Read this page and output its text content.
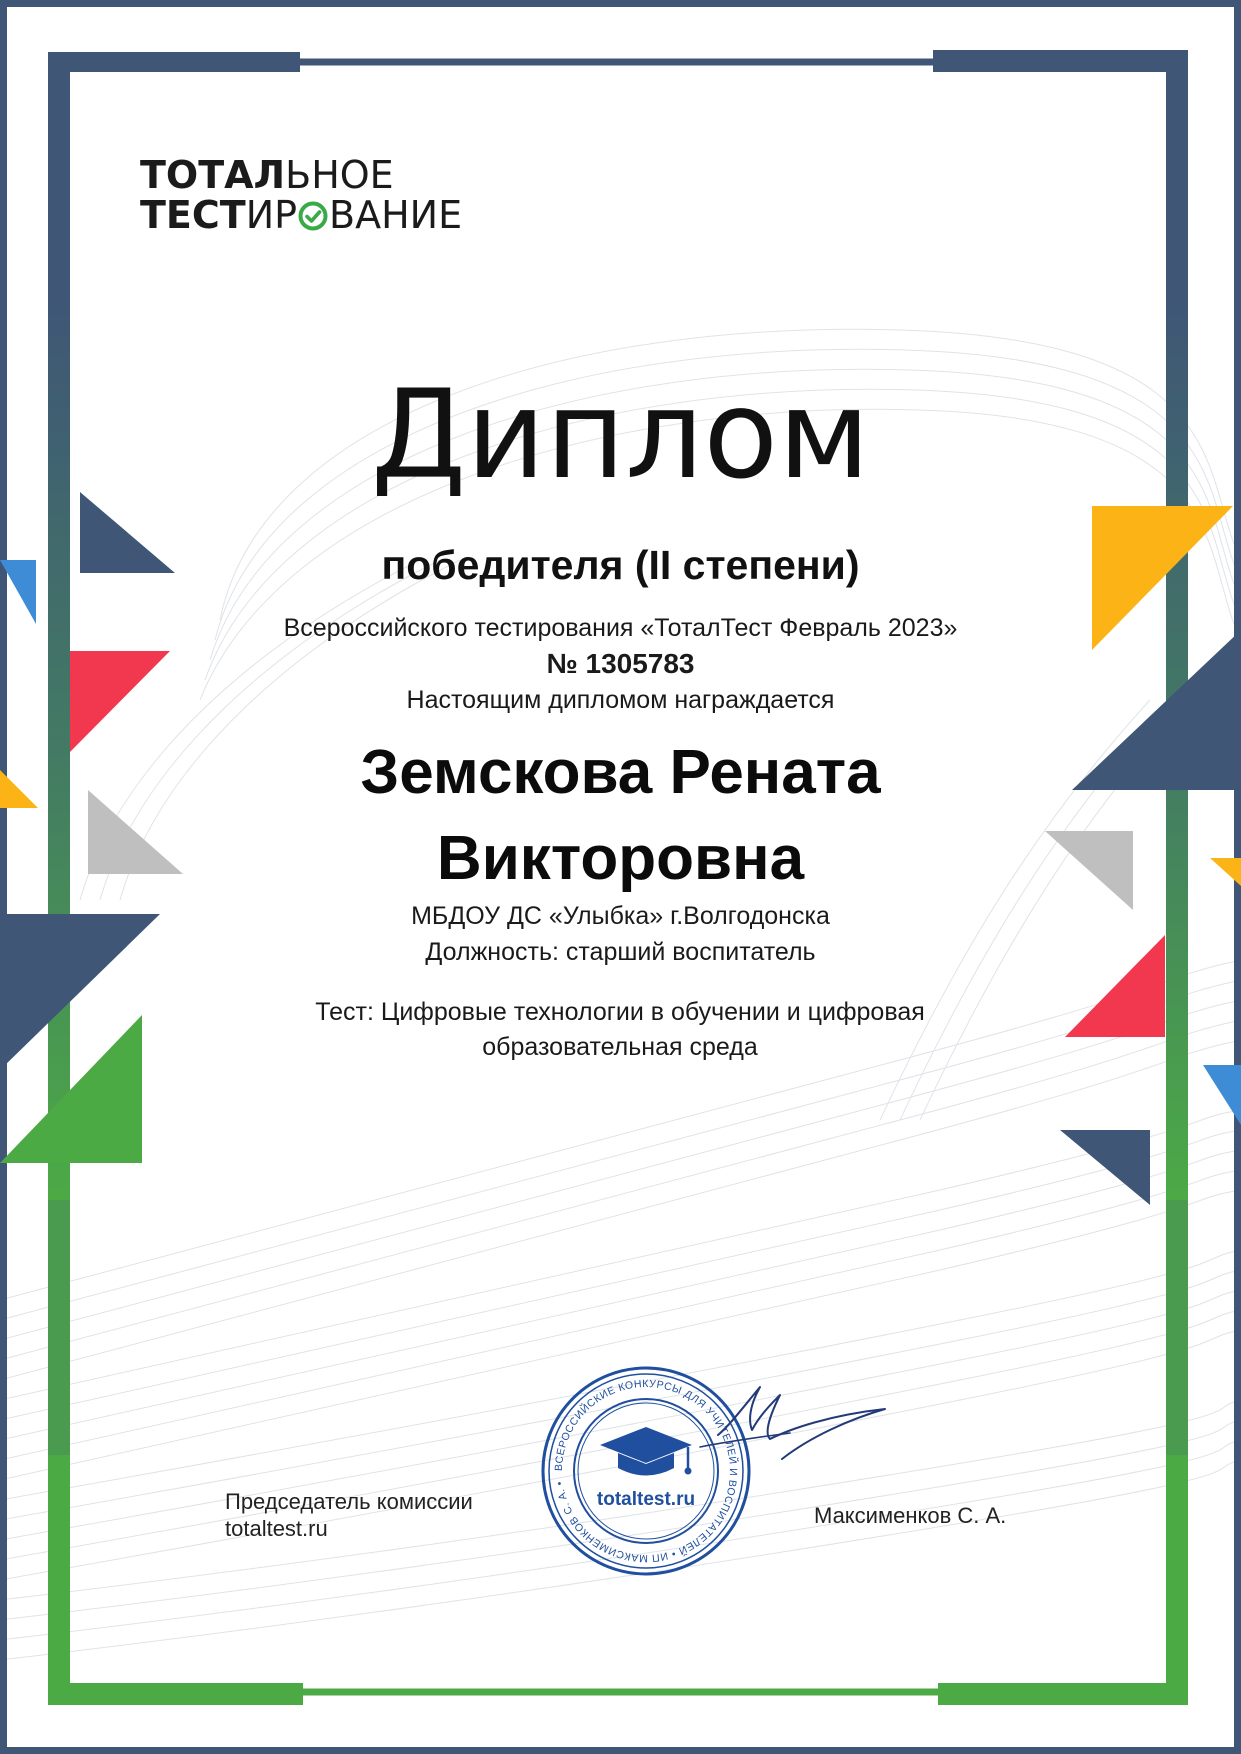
ТОТАЛЬНОЕ
ТЕСТИР ВАНИЕ
Диплом
победителя (II степени)
Всероссийского тестирования «ТоталТест Февраль 2023»
№ 1305783
Настоящим дипломом награждается
Земскова Рената
Викторовна
МБДОУ ДС «Улыбка» г.Волгодонска
Должность: старший воспитатель
Тест: Цифровые технологии в обучении и цифровая
образовательная среда
Председатель комиссии
totaltest.ru
Максименков С. А.
ВСЕРОССИЙСКИЕ КОНКУРСЫ ДЛЯ УЧИТЕЛЕЙ И ВОСПИТАТЕЛЕЙ • ИП МАКСИМЕНКОВ С. А. •
totaltest.ru
